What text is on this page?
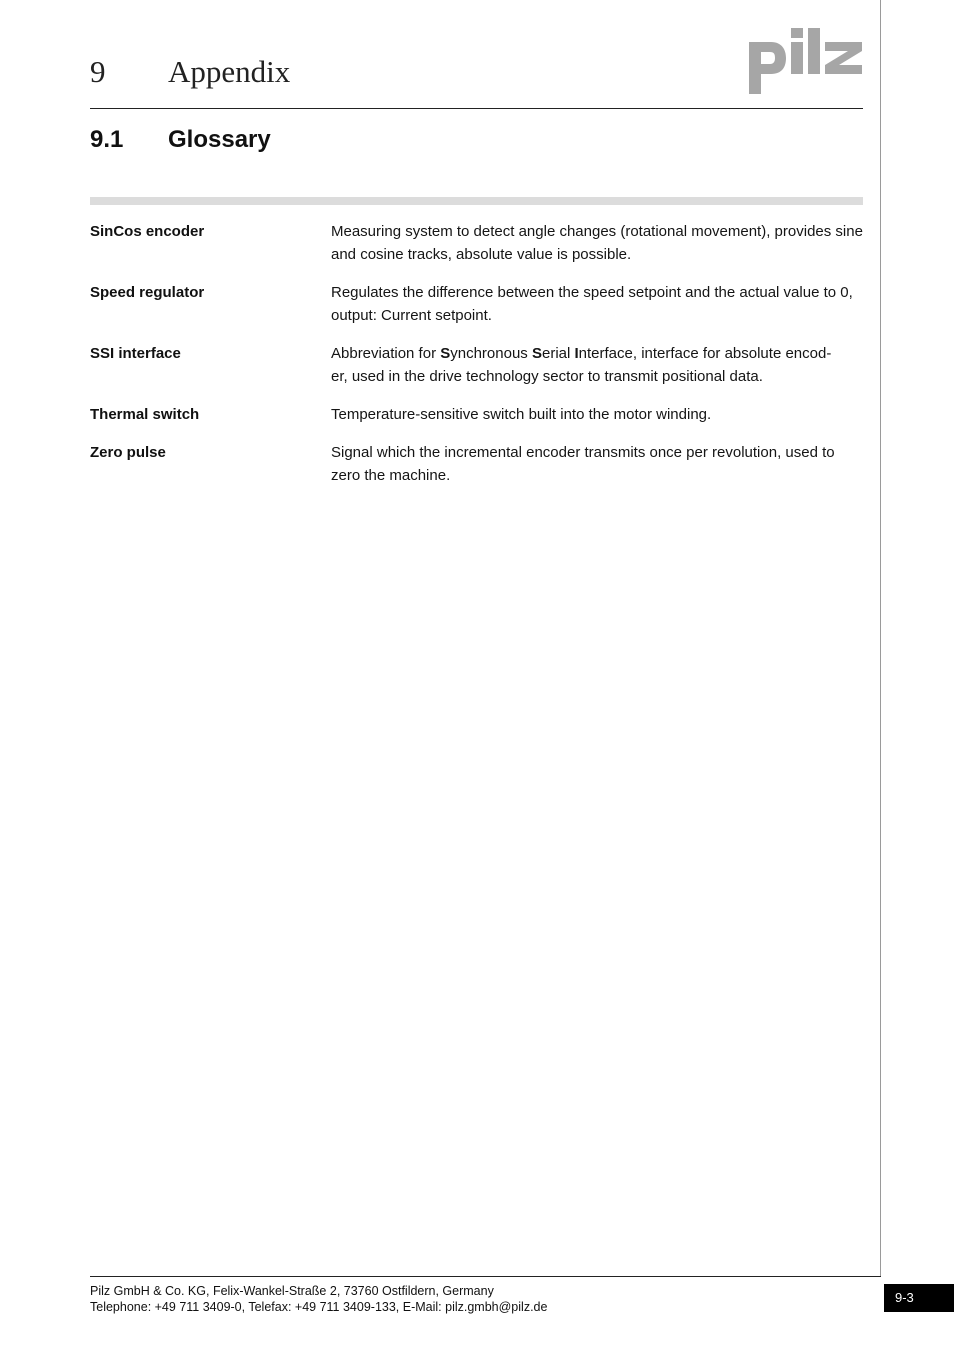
9 Appendix
9.1 Glossary
SinCos encoder	Measuring system to detect angle changes (rotational movement), provides sine and cosine tracks, absolute value is possible.
Speed regulator	Regulates the difference between the speed setpoint and the actual value to 0, output: Current setpoint.
SSI interface	Abbreviation for Synchronous Serial Interface, interface for absolute encod-
er, used in the drive technology sector to transmit positional data.
Thermal switch	Temperature-sensitive switch built into the motor winding.
Zero pulse	Signal which the incremental encoder transmits once per revolution, used to zero the machine.
Pilz GmbH & Co. KG, Felix-Wankel-Straße 2, 73760 Ostfildern, Germany
Telephone: +49 711 3409-0, Telefax: +49 711 3409-133, E-Mail: pilz.gmbh@pilz.de
9-3
